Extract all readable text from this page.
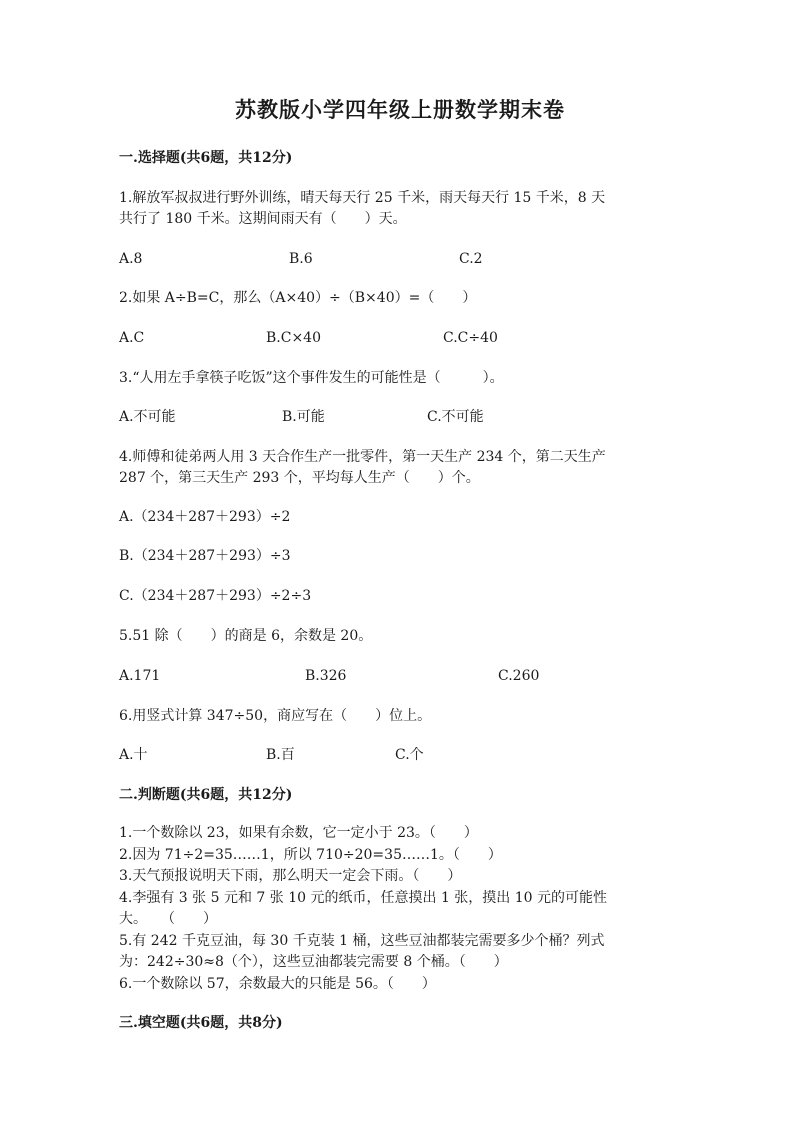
苏教版小学四年级上册数学期末卷
一.选择题(共6题，共12分)
1.解放军叔叔进行野外训练，晴天每天行 25 千米，雨天每天行 15 千米，8 天
共行了 180 千米。这期间雨天有（　　）天。
A.8	B.6	C.2
2.如果 A÷B=C，那么（A×40）÷（B×40）=（　　）
A.C	B.C×40	C.C÷40
3.“人用左手拿筷子吃饭”这个事件发生的可能性是（　　　）。
A.不可能	B.可能	C.不可能
4.师傅和徒弟两人用 3 天合作生产一批零件，第一天生产 234 个，第二天生产
287 个，第三天生产 293 个，平均每人生产（　　）个。
A.（234＋287＋293）÷2
B.（234＋287＋293）÷3
C.（234＋287＋293）÷2÷3
5.51 除（　　）的商是 6，余数是 20。
A.171	B.326	C.260
6.用竖式计算 347÷50，商应写在（　　）位上。
A.十	B.百	C.个
二.判断题(共6题，共12分)
1.一个数除以 23，如果有余数，它一定小于 23。（　　）
2.因为 71÷2=35……1，所以 710÷20=35……1。（　　）
3.天气预报说明天下雨，那么明天一定会下雨。（　　）
4.李强有 3 张 5 元和 7 张 10 元的纸币，任意摸出 1 张，摸出 10 元的可能性
大。　　（　　）
5.有 242 千克豆油，每 30 千克装 1 桶，这些豆油都装完需要多少个桶？列式
为：242÷30≈8（个），这些豆油都装完需要 8 个桶。（　　）
6.一个数除以 57，余数最大的只能是 56。（　　）
三.填空题(共6题，共8分)
